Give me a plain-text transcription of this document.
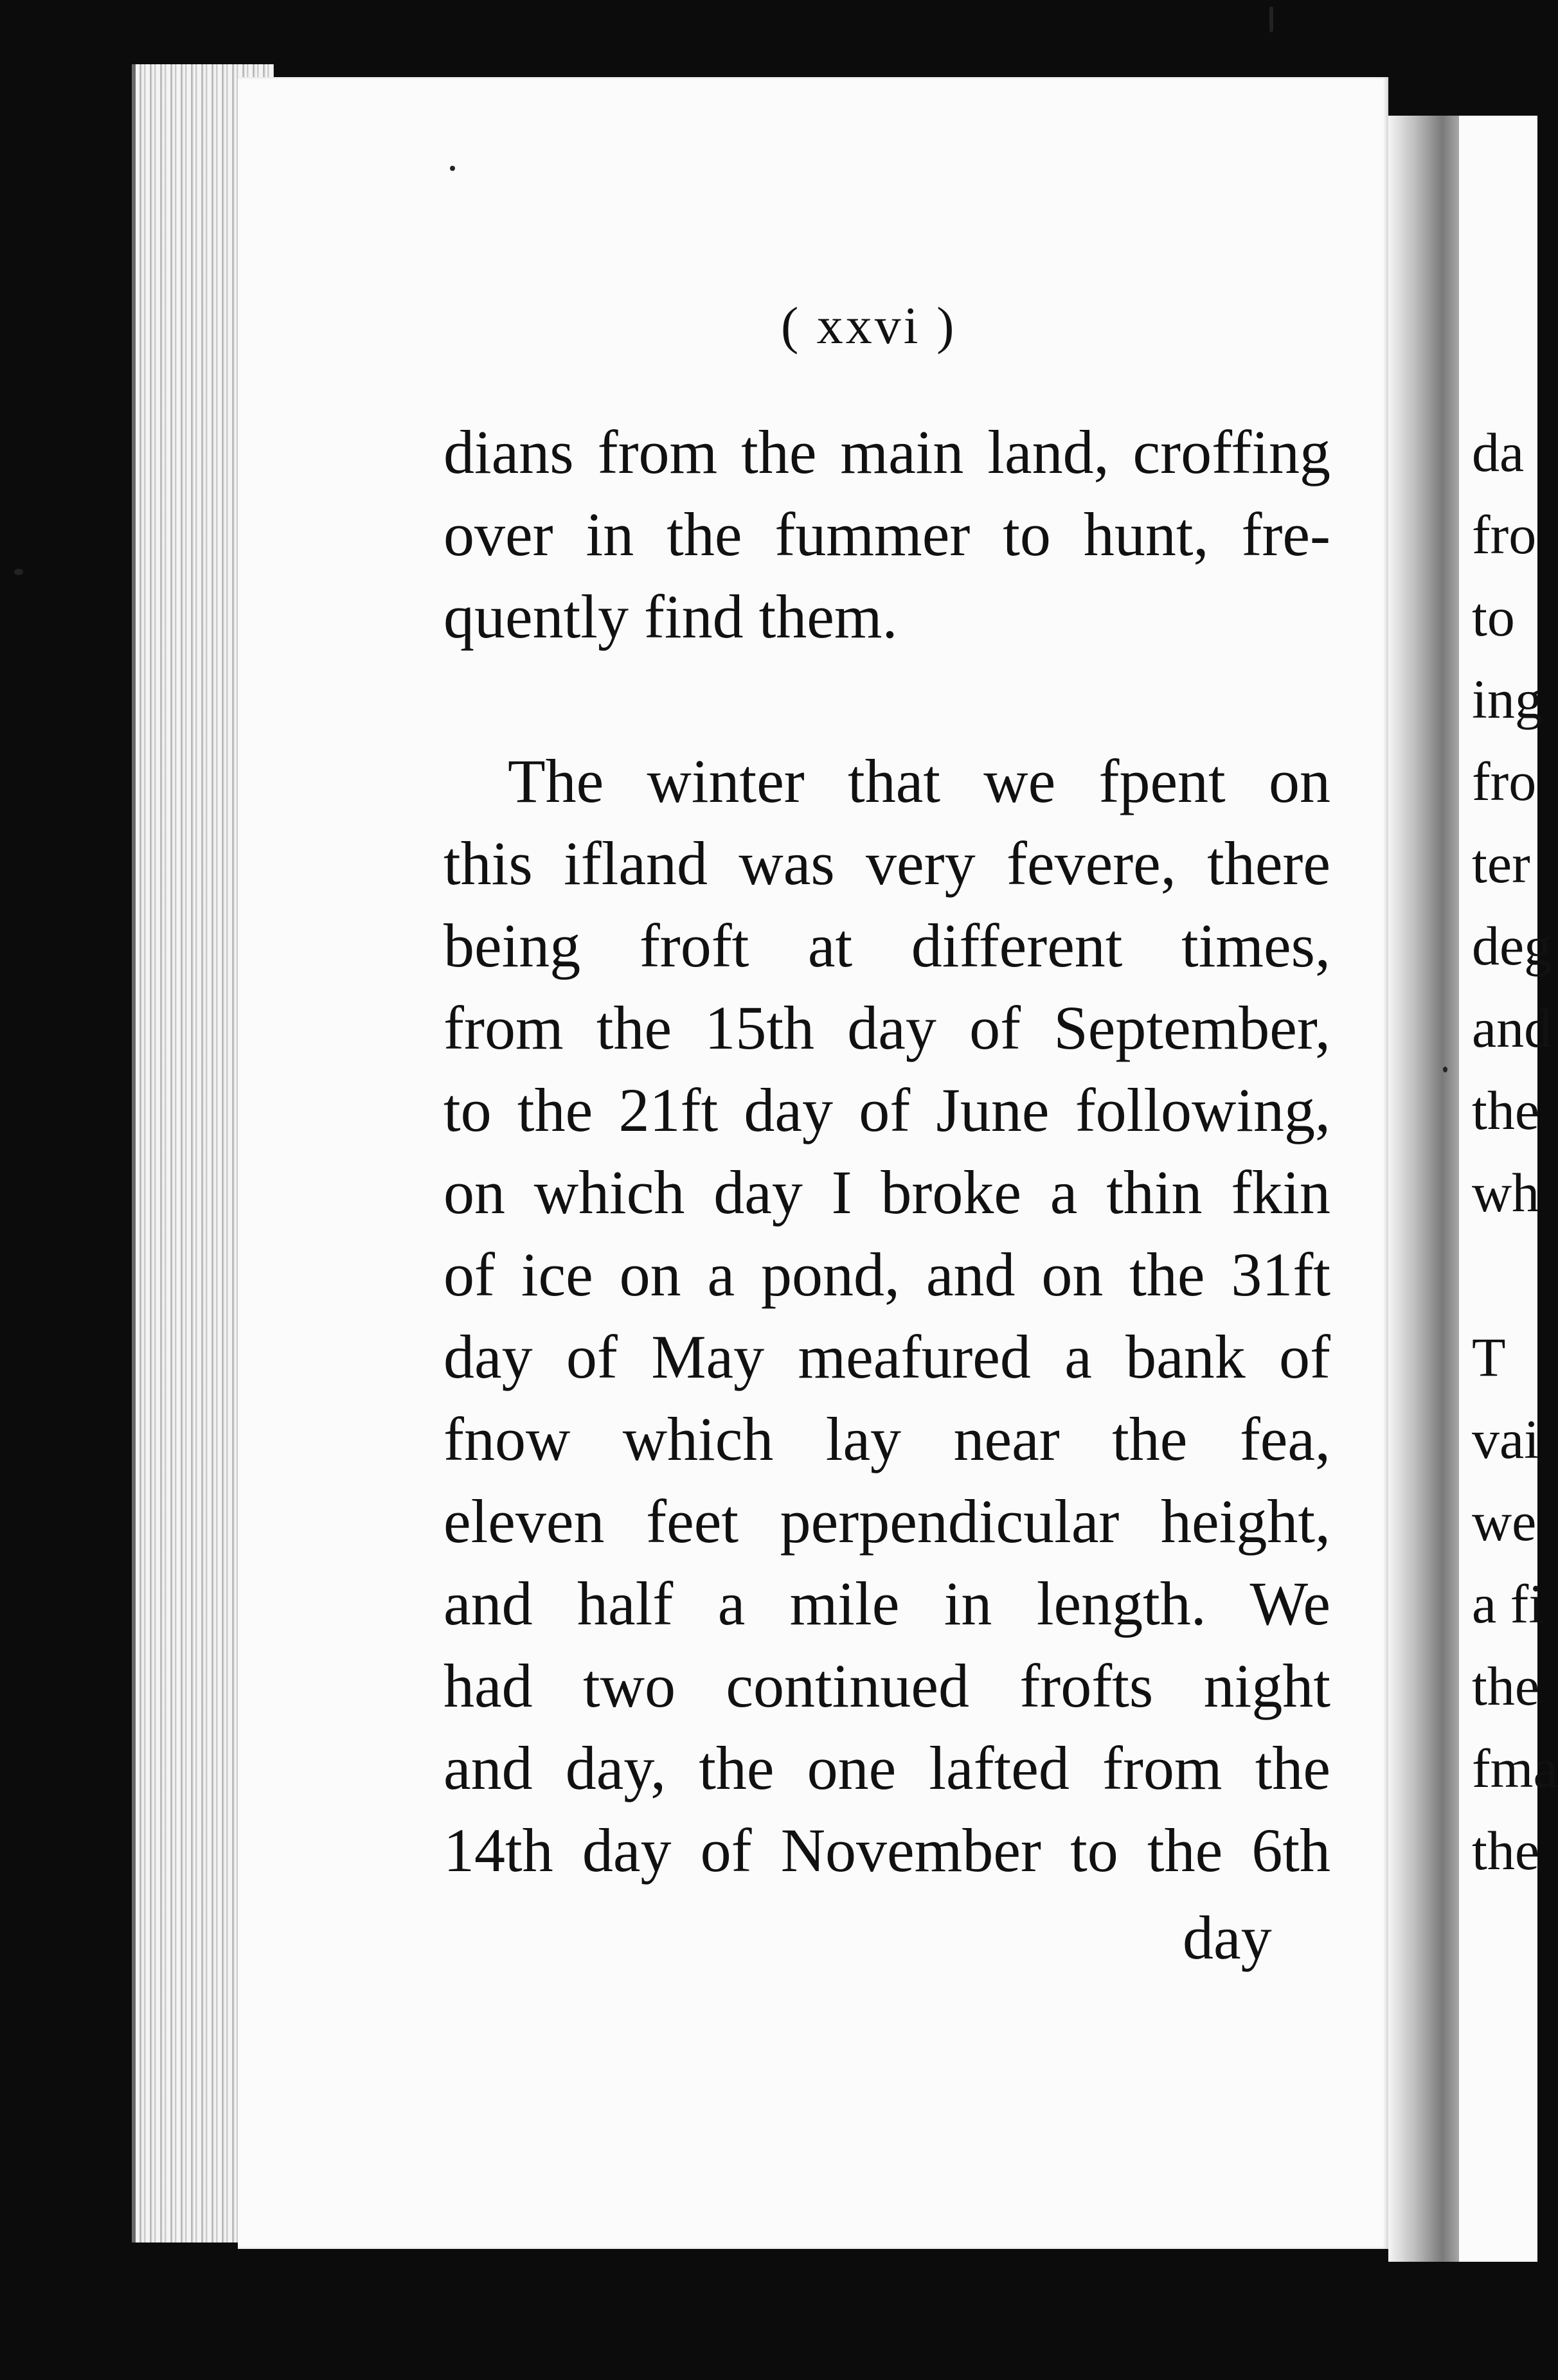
( xxvi )
dians from the main land, croffing
over in the fummer to hunt, fre-
quently find them.
The winter that we fpent on
this ifland was very fevere, there
being froft at different times,
from the 15th day of September,
to the 21ft day of June following,
on which day I broke a thin fkin
of ice on a pond, and on the 31ft
day of May meafured a bank of
fnow which lay near the fea,
eleven feet perpendicular height,
and half a mile in length. We
had two continued frofts night
and day, the one lafted from the
14th day of November to the 6th
day
da
fro
to
ing
fro
ter
deg
and
the
wh
T
vai
we
a fi
the
fma
the
